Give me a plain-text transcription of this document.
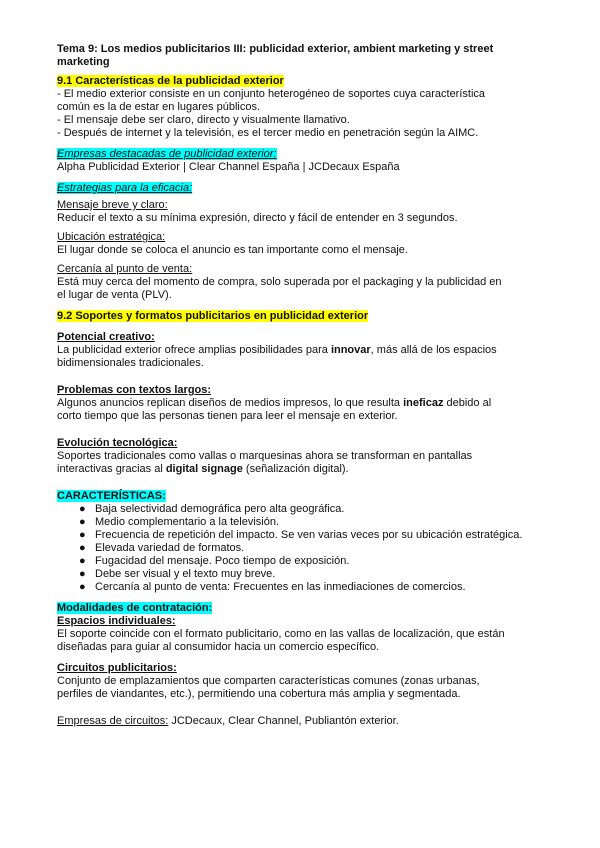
Tema 9: Los medios publicitarios III: publicidad exterior, ambient marketing y street marketing
9.1 Características de la publicidad exterior
- El medio exterior consiste en un conjunto heterogéneo de soportes cuya característica
común es la de estar en lugares públicos.
- El mensaje debe ser claro, directo y visualmente llamativo.
- Después de internet y la televisión, es el tercer medio en penetración según la AIMC.
Empresas destacadas de publicidad exterior:
Alpha Publicidad Exterior | Clear Channel España | JCDecaux España
Estrategias para la eficacia:
Mensaje breve y claro:
Reducir el texto a su mínima expresión, directo y fácil de entender en 3 segundos.
Ubicación estratégica:
El lugar donde se coloca el anuncio es tan importante como el mensaje.
Cercanía al punto de venta:
Está muy cerca del momento de compra, solo superada por el packaging y la publicidad en
el lugar de venta (PLV).
9.2 Soportes y formatos publicitarios en publicidad exterior
Potencial creativo:
La publicidad exterior ofrece amplias posibilidades para innovar, más allá de los espacios
bidimensionales tradicionales.
Problemas con textos largos:
Algunos anuncios replican diseños de medios impresos, lo que resulta ineficaz debido al
corto tiempo que las personas tienen para leer el mensaje en exterior.
Evolución tecnológica:
Soportes tradicionales como vallas o marquesinas ahora se transforman en pantallas
interactivas gracias al digital signage (señalización digital).
CARACTERÍSTICAS:
● Baja selectividad demográfica pero alta geográfica.
● Medio complementario a la televisión.
● Frecuencia de repetición del impacto. Se ven varias veces por su ubicación estratégica.
● Elevada variedad de formatos.
● Fugacidad del mensaje. Poco tiempo de exposición.
● Debe ser visual y el texto muy breve.
● Cercanía al punto de venta: Frecuentes en las inmediaciones de comercios.
Modalidades de contratación:
Espacios individuales:
El soporte coincide con el formato publicitario, como en las vallas de localización, que están
diseñadas para guiar al consumidor hacia un comercio específico.
Circuitos publicitarios:
Conjunto de emplazamientos que comparten características comunes (zonas urbanas,
perfiles de viandantes, etc.), permitiendo una cobertura más amplia y segmentada.
Empresas de circuitos: JCDecaux, Clear Channel, Publiantón exterior.
